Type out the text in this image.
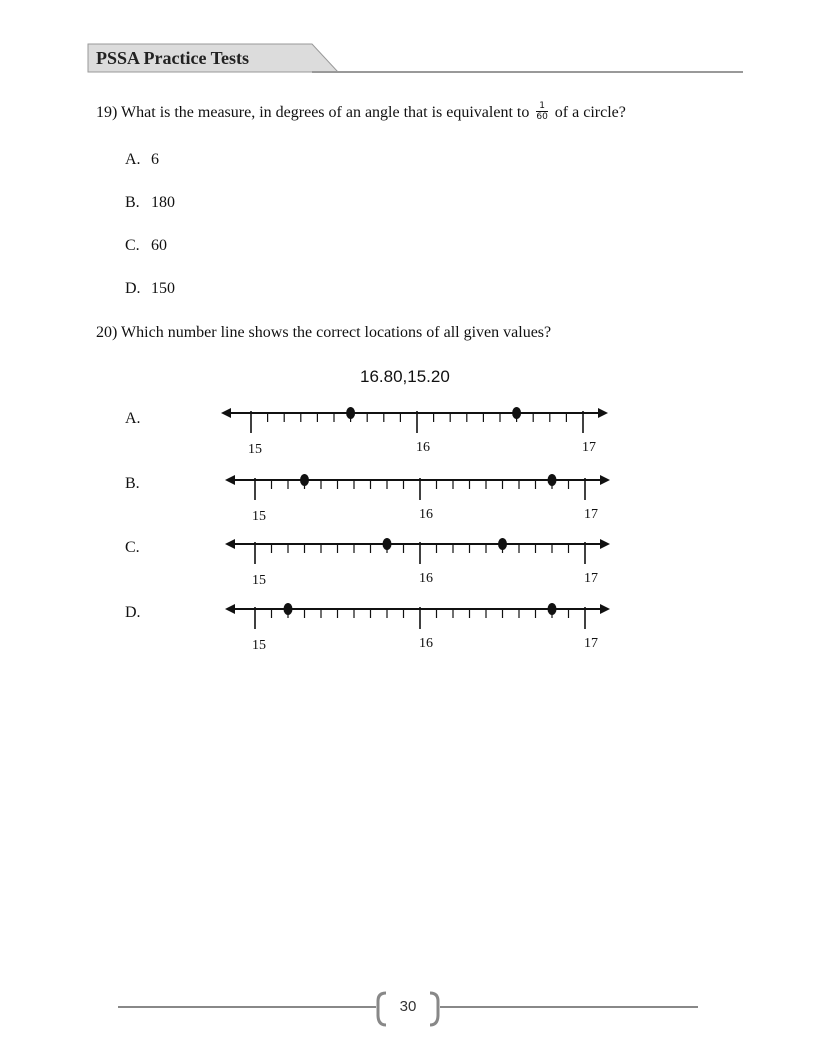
PSSA Practice Tests
19) What is the measure, in degrees of an angle that is equivalent to $\frac{1}{60}$ of a circle?
A. 6
B. 180
C. 60
D. 150
20) Which number line shows the correct locations of all given values?
16.80,15.20
A.
B.
C.
D.
15	16	17
15	16	17
15	16	17
15	16	17
30
